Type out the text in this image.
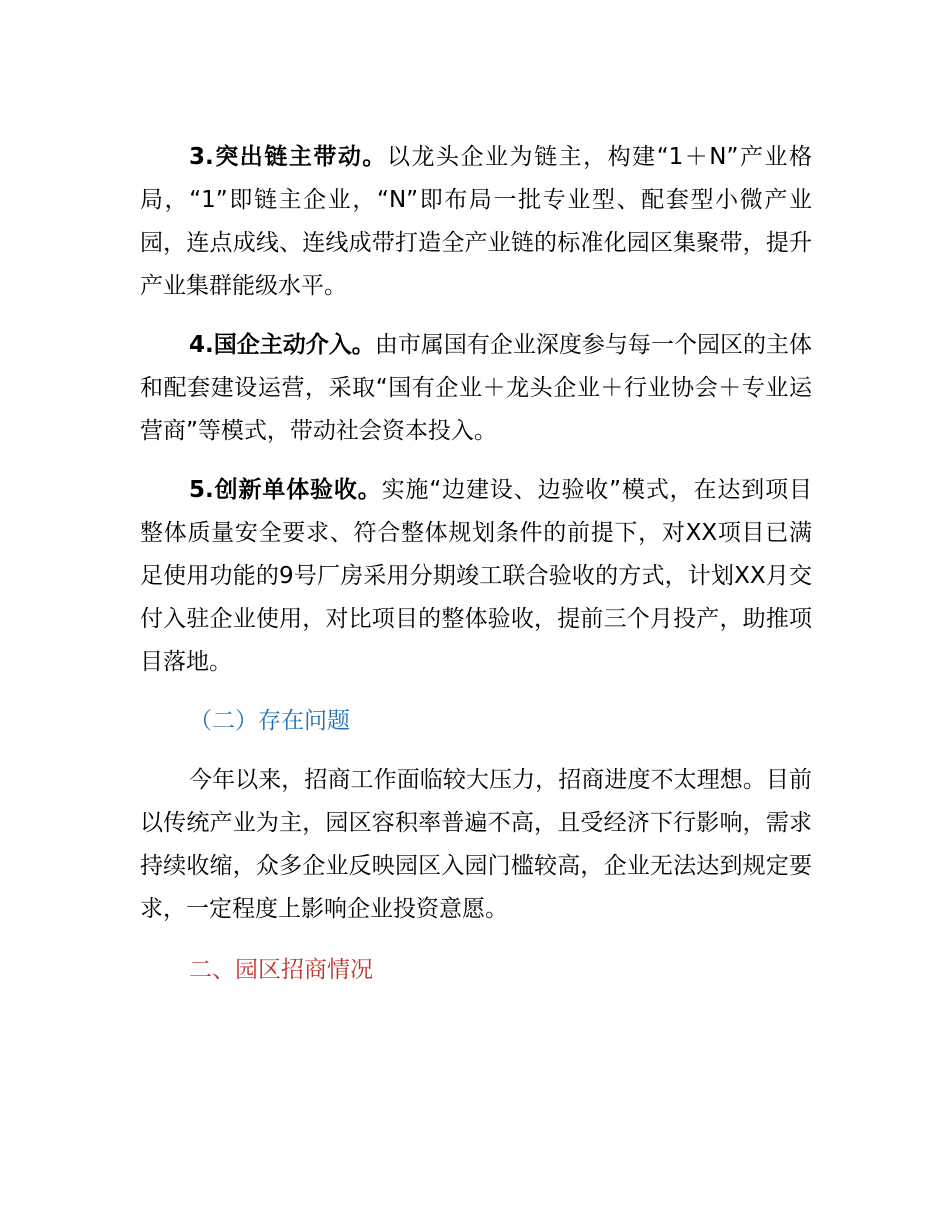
3.突出链主带动。以龙头企业为链主，构建“1＋N”产业格局，“1”即链主企业，“N”即布局一批专业型、配套型小微产业园，连点成线、连线成带打造全产业链的标准化园区集聚带，提升产业集群能级水平。

4.国企主动介入。由市属国有企业深度参与每一个园区的主体和配套建设运营，采取“国有企业＋龙头企业＋行业协会＋专业运营商”等模式，带动社会资本投入。

5.创新单体验收。实施“边建设、边验收”模式，在达到项目整体质量安全要求、符合整体规划条件的前提下，对XX项目已满足使用功能的9号厂房采用分期竣工联合验收的方式，计划XX月交付入驻企业使用，对比项目的整体验收，提前三个月投产，助推项目落地。

（二）存在问题

今年以来，招商工作面临较大压力，招商进度不太理想。目前以传统产业为主，园区容积率普遍不高，且受经济下行影响，需求持续收缩，众多企业反映园区入园门槛较高，企业无法达到规定要求，一定程度上影响企业投资意愿。

二、园区招商情况
